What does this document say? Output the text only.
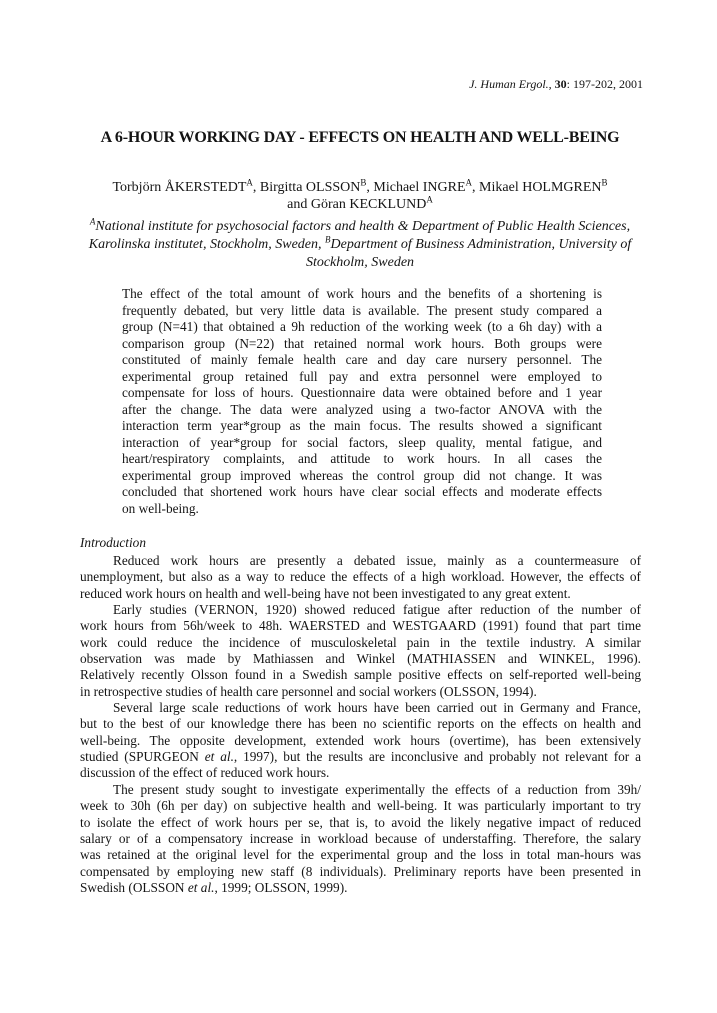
J. Human Ergol., 30: 197-202, 2001
A 6-HOUR WORKING DAY - EFFECTS ON HEALTH AND WELL-BEING
Torbjörn $ÅKERSTEDT^A$, Birgitta $OLSSON^B$, Michael $INGRE^A$, Mikael $HOLMGREN^B$
and Göran $KECKLUND^A$
$^A$National institute for psychosocial factors and health & Department of Public Health Sciences,
Karolinska institutet, Stockholm, Sweden, $^B$Department of Business Administration, University of
Stockholm, Sweden
The effect of the total amount of work hours and the benefits of a shortening is
frequently debated, but very little data is available. The present study compared a
group (N=41) that obtained a 9h reduction of the working week (to a 6h day) with a
comparison group (N=22) that retained normal work hours. Both groups were
constituted of mainly female health care and day care nursery personnel. The
experimental group retained full pay and extra personnel were employed to
compensate for loss of hours. Questionnaire data were obtained before and 1 year
after the change. The data were analyzed using a two-factor ANOVA with the
interaction term year*group as the main focus. The results showed a significant
interaction of year*group for social factors, sleep quality, mental fatigue, and
heart/respiratory complaints, and attitude to work hours. In all cases the
experimental group improved whereas the control group did not change. It was
concluded that shortened work hours have clear social effects and moderate effects
on well-being.
Introduction
Reduced work hours are presently a debated issue, mainly as a countermeasure of
unemployment, but also as a way to reduce the effects of a high workload. However, the effects of
reduced work hours on health and well-being have not been investigated to any great extent.
Early studies (VERNON, 1920) showed reduced fatigue after reduction of the number of
work hours from 56h/week to 48h. WAERSTED and WESTGAARD (1991) found that part time
work could reduce the incidence of musculoskeletal pain in the textile industry. A similar
observation was made by Mathiassen and Winkel (MATHIASSEN and WINKEL, 1996).
Relatively recently Olsson found in a Swedish sample positive effects on self-reported well-being
in retrospective studies of health care personnel and social workers (OLSSON, 1994).
Several large scale reductions of work hours have been carried out in Germany and France,
but to the best of our knowledge there has been no scientific reports on the effects on health and
well-being. The opposite development, extended work hours (overtime), has been extensively
studied (SPURGEON et al., 1997), but the results are inconclusive and probably not relevant for a
discussion of the effect of reduced work hours.
The present study sought to investigate experimentally the effects of a reduction from 39h/
week to 30h (6h per day) on subjective health and well-being. It was particularly important to try
to isolate the effect of work hours per se, that is, to avoid the likely negative impact of reduced
salary or of a compensatory increase in workload because of understaffing. Therefore, the salary
was retained at the original level for the experimental group and the loss in total man-hours was
compensated by employing new staff (8 individuals). Preliminary reports have been presented in
Swedish (OLSSON et al., 1999; OLSSON, 1999).
